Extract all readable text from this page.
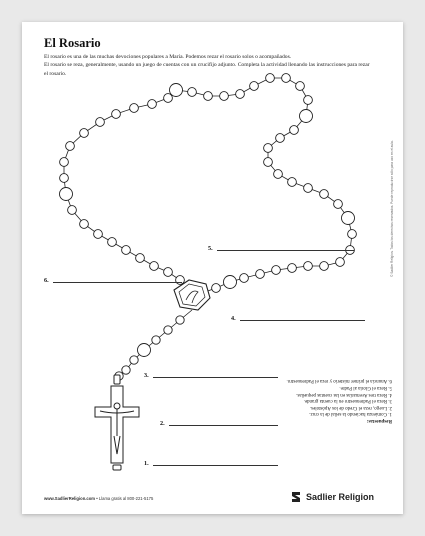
El Rosario

El rosario es una de las muchas devociones populares a María. Podemos rezar el rosario solos o acompañados.

El rosario se reza, generalmente, usando un juego de cuentas con un crucifijo adjunto. Completa la actividad llenando las instrucciones para rezar el rosario.

5.
6.
4.
3.
2.
1.
Respuestas:
1. Comienza haciendo la señal de la cruz.
2. Luego, reza el Credo de los Apóstoles.
3. Reza el Padrenuestro en la cuenta grande.
4. Reza tres Avemarías en las cuentas pequeñas.
5. Reza el Gloria al Padre.
6. Anuncia el primer misterio y reza el Padrenuestro.
© Sadlier Religion. Todos los derechos reservados. Puede reproducirse sólo para uso en el aula.
www.SadlierReligion.com • Llama gratis al 800-221-5175	Sadlier Religion
